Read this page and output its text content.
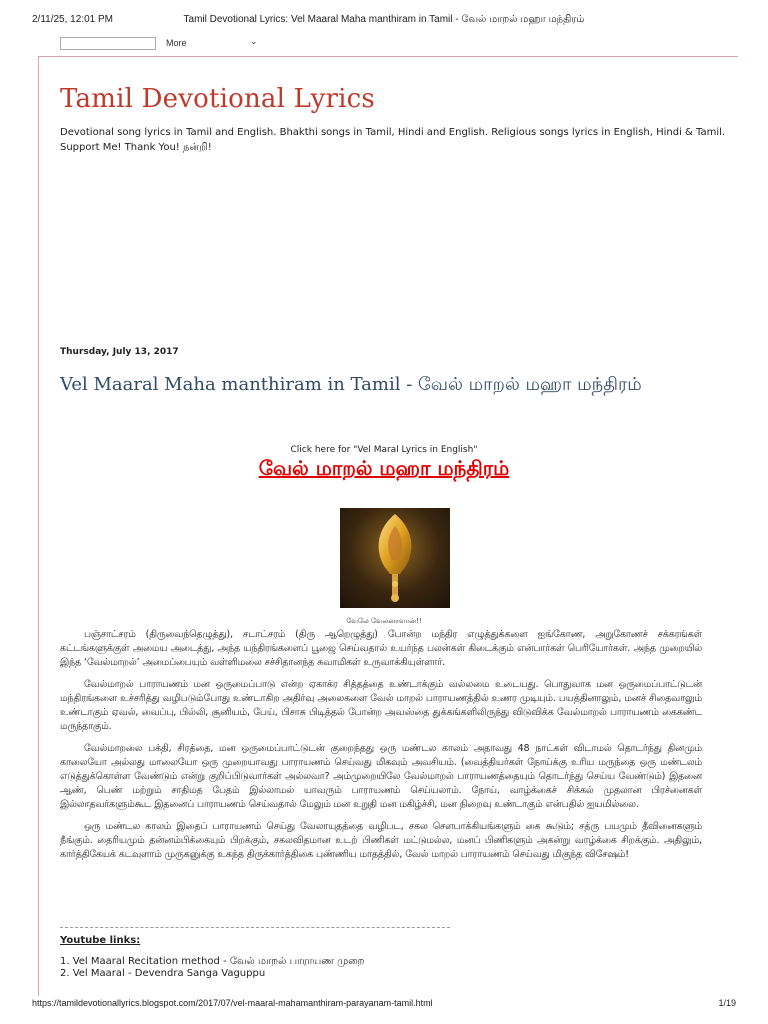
2/11/25, 12:01 PM	Tamil Devotional Lyrics: Vel Maaral Maha manthiram in Tamil - வேல் மாறல் மஹா மந்திரம்
More	⌄
Tamil Devotional Lyrics
Devotional song lyrics in Tamil and English. Bhakthi songs in Tamil, Hindi and English. Religious songs lyrics in English, Hindi & Tamil.
Support Me! Thank You! நன்றி!
Thursday, July 13, 2017
Vel Maaral Maha manthiram in Tamil - வேல் மாறல் மஹா மந்திரம்
Click here for "Vel Maral Lyrics in English"
வேல் மாறல் மஹா மந்திரம்
வேலே வேலனாவான்!!

பஞ்சாட்சரம் (திருவைந்தெழுத்து), சடாட்சரம் (திரு ஆறெழுத்து) போன்ற மந்திர எழுத்துக்களை ஐங்கோண, அறுகோணச் சக்கரங்கள் கட்டங்களுக்குள் அமைய அடைத்து, அந்த யந்திரங்களைப் பூஜை செய்வதால் உயர்ந்த பலன்கள் கிடைக்கும் என்பார்கள் பெரியோர்கள். அந்த முறையில் இந்த ‘வேல்மாறல்’ அமைப்பையும் வள்ளிமலை சச்சிதானந்த சுவாமிகள் உருவாக்கியுள்ளார்.

வேல்மாறல் பாராயணம் மன ஒருமைப்பாடு என்ற ஏகாக்ர சித்தத்தை உண்டாக்கும் வல்லமை உடையது. பொதுவாக மன ஒருமைப்பாட்டுடன் மந்திரங்களை உச்சரித்து வழிபடும்போது உண்டாகிற அதிர்வு அலைகளை வேல் மாறல் பாராயணத்தில் உணர முடியும். பயத்தினாலும், மனச் சிதைவாலும் உண்டாகும் ஏவல், வைப்பு, பில்லி, சூனியம், பேய், பிசாசு பிடித்தல் போன்ற அவஸ்தை துக்கங்களிலிருந்து விடுவிக்க வேல்மாறல் பாராயணம் கைகண்ட மருந்தாகும்.

வேல்மாறலை பக்தி, சிரத்தை, மன ஒருமைப்பாட்டுடன் குறைந்தது ஒரு மண்டல காலம் அதாவது 48 நாட்கள் விடாமல் தொடர்ந்து தினமும் காலையோ அல்லது மாலையோ ஒரு முறையாவது பாராயணம் செய்வது மிகவும் அவசியம். (வைத்தியர்கள் நோய்க்கு உரிய மருந்தை ஒரு மண்டலம் எடுத்துக்கொள்ள வேண்டும் என்று குறிப்பிடுவார்கள் அல்லவா? அம்முறையிலே வேல்மாறல் பாராயணத்தையும் தொடர்ந்து செய்ய வேண்டும்) இதனை ஆண், பெண் மற்றும் சாதிமத பேதம் இல்லாமல் யாவரும் பாராயணம் செய்யலாம். நோய், வாழ்க்கைச் சிக்கல் முதலான பிரச்னைகள் இல்லாதவர்களும்கூட இதனைப் பாராயணம் செய்வதால் மேலும் மன உறுதி மன மகிழ்ச்சி, மன நிறைவு உண்டாகும் என்பதில் ஐயமில்லை.

ஒரு மண்டல காலம் இதைப் பாராயணம் செய்து வேலாயுதத்தை வழிபட, சகல சௌபாக்கியங்களும் கை கூடும்; சத்ரு பயமும் தீவினைகளும் நீங்கும். தைரியமும் தன்னம்பிக்கையும் பிறக்கும், சகலவிதமான உடற் பிணிகள் மட்டுமல்ல, மனப் பிணிகளும் அகன்று வாழ்க்கை சிறக்கும். அதிலும், கார்த்திகேயக் கடவுளாம் முருகனுக்கு உகந்த திருக்கார்த்திகை புண்ணிய மாதத்தில், வேல் மாறல் பாராயணம் செய்வது மிகுந்த விசேஷம்!

Youtube links:
1. Vel Maaral Recitation method - வேல் மாறல் பாராயண முறை
2. Vel Maaral - Devendra Sanga Vaguppu
https://tamildevotionallyrics.blogspot.com/2017/07/vel-maaral-mahamanthiram-parayanam-tamil.html	1/19
